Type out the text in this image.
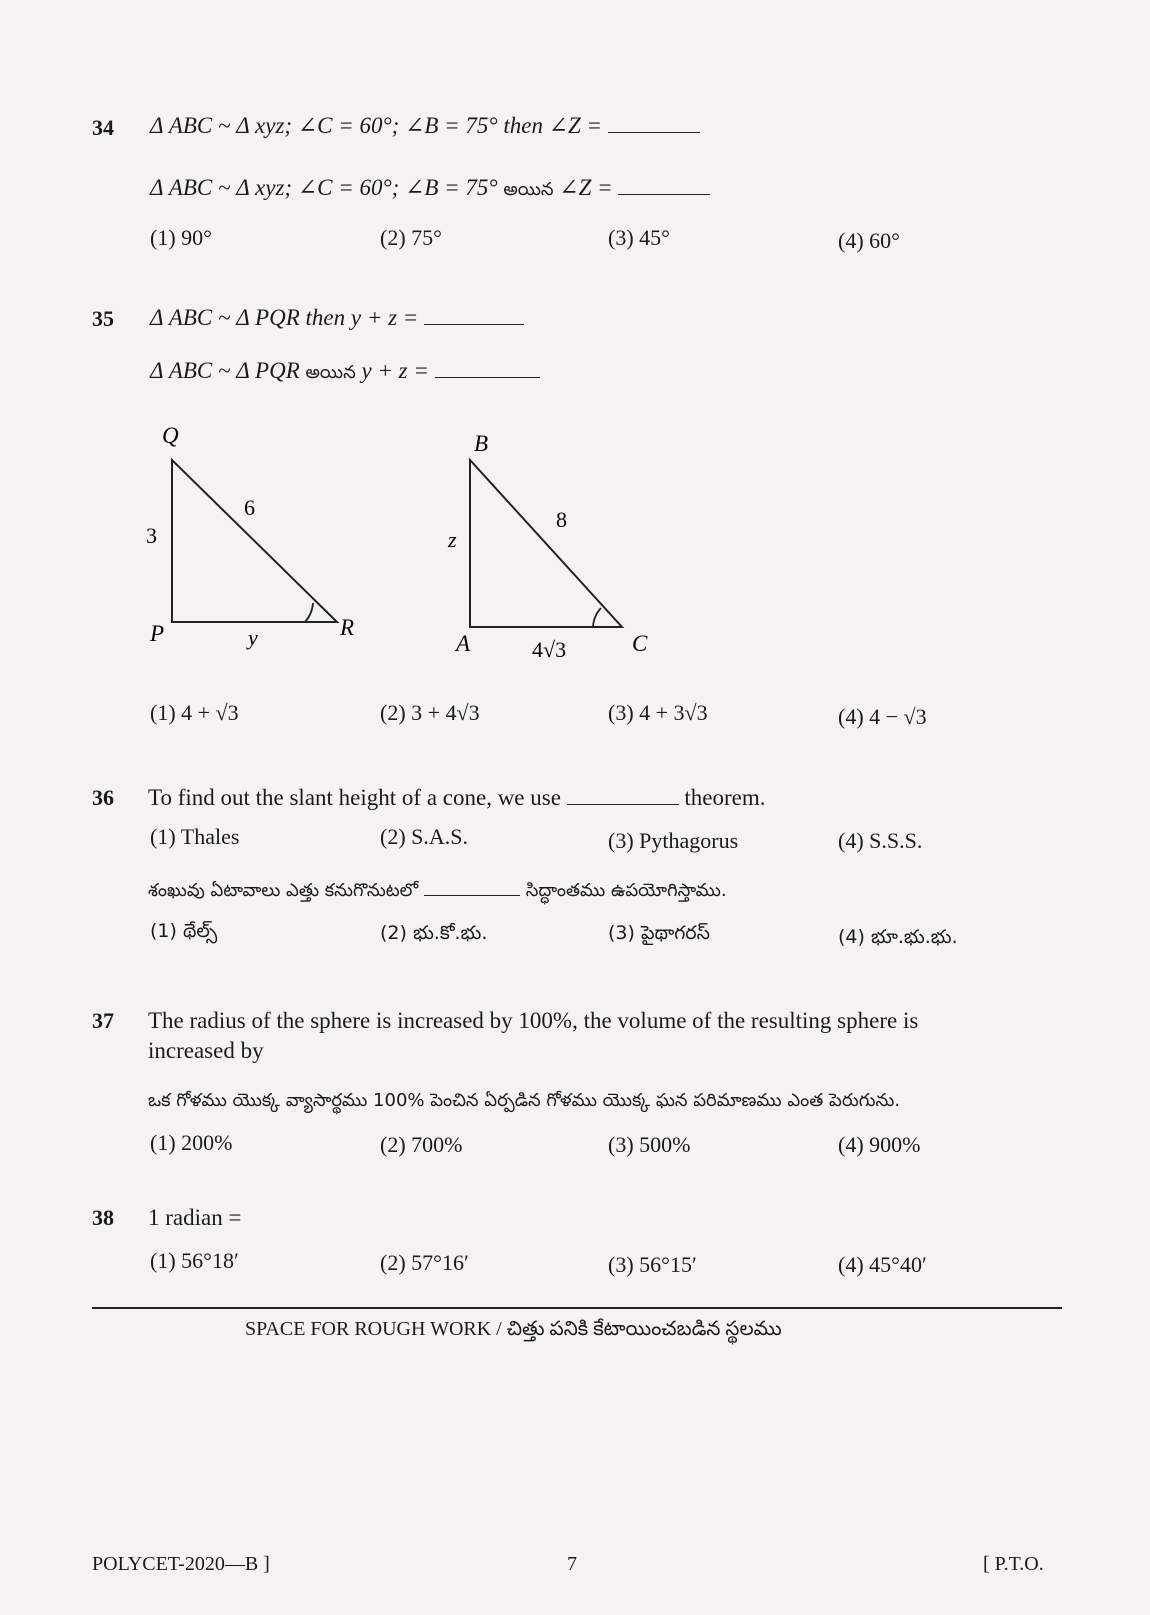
34 Δ ABC ~ Δ xyz; ∠C = 60°; ∠B = 75° then ∠Z =
Δ ABC ~ Δ xyz; ∠C = 60°; ∠B = 75° అయిన ∠Z =
(1) 90°	(2) 75°	(3) 45°	(4) 60°
35 Δ ABC ~ Δ PQR then y + z =
Δ ABC ~ Δ PQR అయిన y + z =
Q
P	R
3
6
y
B
A	C
z
8
4√3
(1) 4 + √3	(2) 3 + 4√3	(3) 4 + 3√3	(4) 4 − √3
36 To find out the slant height of a cone, we use	theorem.
(1) Thales	(2) S.A.S.	(3) Pythagorus	(4) S.S.S.
శంఖువు ఏటావాలు ఎత్తు కనుగొనుటలో	సిద్ధాంతము ఉపయోగిస్తాము.
(1) థేల్స్	(2) భు.కో.భు.	(3) పైథాగరస్	(4) భూ.భు.భు.
37 The radius of the sphere is increased by 100%, the volume of the resulting sphere is
increased by
ఒక గోళము యొక్క వ్యాసార్థము 100% పెంచిన ఏర్పడిన గోళము యొక్క ఘన పరిమాణము ఎంత పెరుగును.
(1) 200%	(2) 700%	(3) 500%	(4) 900%
38 1 radian =
(1) 56°18′	(2) 57°16′	(3) 56°15′	(4) 45°40′
SPACE FOR ROUGH WORK / చిత్తు పనికి కేటాయించబడిన స్థలము
POLYCET-2020—B ]	7	[ P.T.O.
